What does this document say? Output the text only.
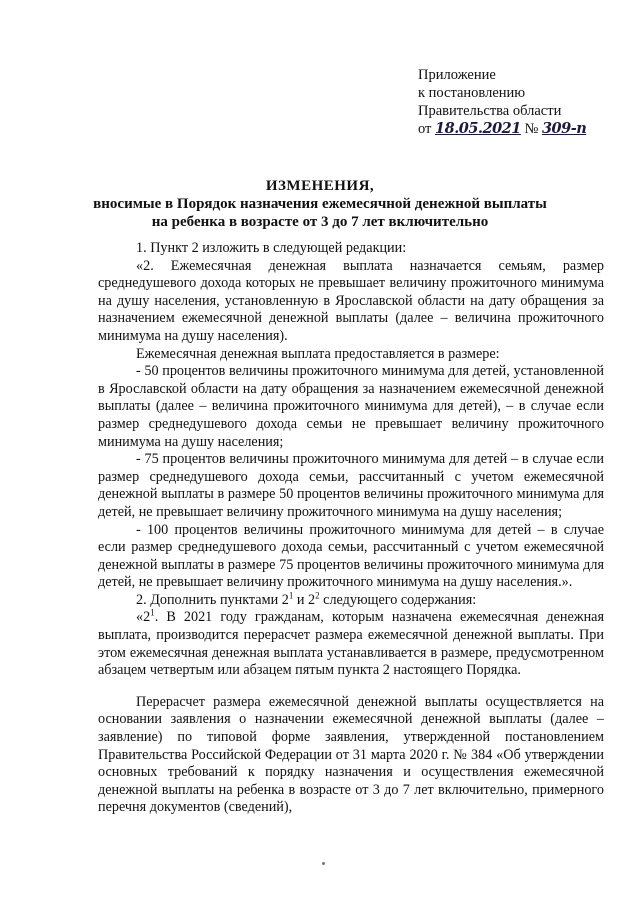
Приложение
к постановлению
Правительства области
от 18.05.2021 № 309-п
ИЗМЕНЕНИЯ,
вносимые в Порядок назначения ежемесячной денежной выплаты
на ребенка в возрасте от 3 до 7 лет включительно

1. Пункт 2 изложить в следующей редакции:

«2. Ежемесячная денежная выплата назначается семьям, размер среднедушевого дохода которых не превышает величину прожиточного минимума на душу населения, установленную в Ярославской области на дату обращения за назначением ежемесячной денежной выплаты (далее – величина прожиточного минимума на душу населения).

Ежемесячная денежная выплата предоставляется в размере:

- 50 процентов величины прожиточного минимума для детей, установленной в Ярославской области на дату обращения за назначением ежемесячной денежной выплаты (далее – величина прожиточного минимума для детей), – в случае если размер среднедушевого дохода семьи не превышает величину прожиточного минимума на душу населения;

- 75 процентов величины прожиточного минимума для детей – в случае если размер среднедушевого дохода семьи, рассчитанный с учетом ежемесячной денежной выплаты в размере 50 процентов величины прожиточного минимума для детей, не превышает величину прожиточного минимума на душу населения;

- 100 процентов величины прожиточного минимума для детей – в случае если размер среднедушевого дохода семьи, рассчитанный с учетом ежемесячной денежной выплаты в размере 75 процентов величины прожиточного минимума для детей, не превышает величину прожиточного минимума на душу населения.».

2. Дополнить пунктами $2^1$ и $2^2$ следующего содержания:

«$2^1$. В 2021 году гражданам, которым назначена ежемесячная денежная выплата, производится перерасчет размера ежемесячной денежной выплаты. При этом ежемесячная денежная выплата устанавливается в размере, предусмотренном абзацем четвертым или абзацем пятым пункта 2 настоящего Порядка.

Перерасчет размера ежемесячной денежной выплаты осуществляется на основании заявления о назначении ежемесячной денежной выплаты (далее – заявление) по типовой форме заявления, утвержденной постановлением Правительства Российской Федерации от 31 марта 2020 г. № 384 «Об утверждении основных требований к порядку назначения и осуществления ежемесячной денежной выплаты на ребенка в возрасте от 3 до 7 лет включительно, примерного перечня документов (сведений),
